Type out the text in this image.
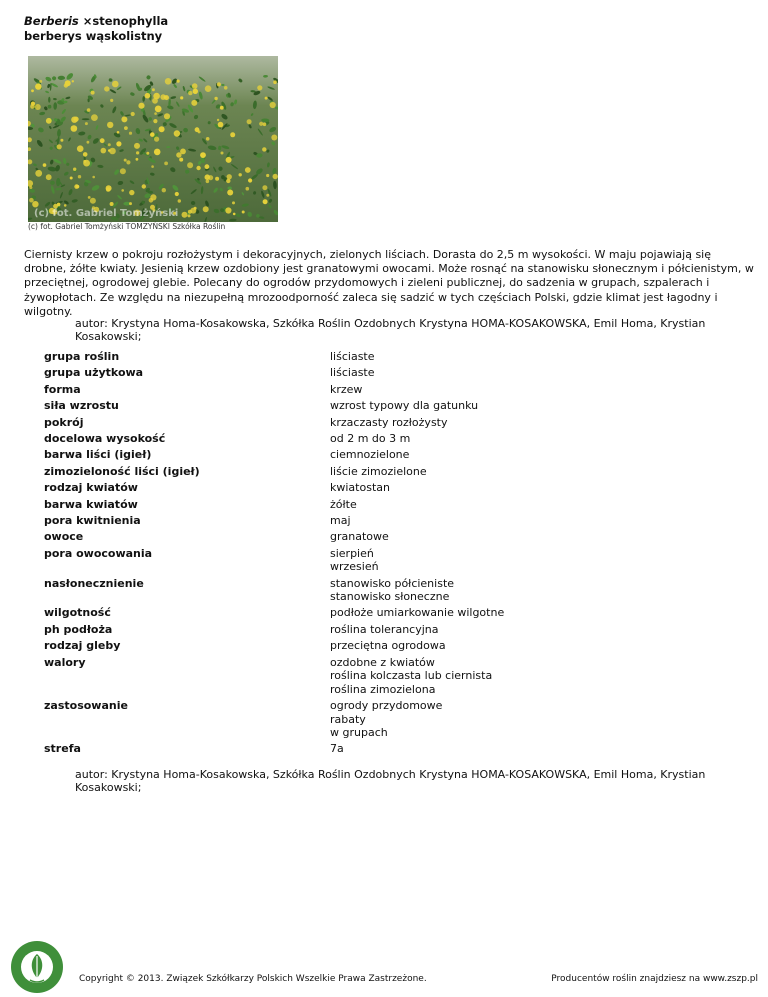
Berberis ×stenophylla
berberys wąskolistny
(c) fot. Gabriel Tomżyński
(c) fot. Gabriel Tomżyński TOMZYŃSKI Szkółka Roślin
Ciernisty krzew o pokroju rozłożystym i dekoracyjnych, zielonych liściach. Dorasta do 2,5 m wysokości. W maju pojawiają się drobne, żółte kwiaty. Jesienią krzew ozdobiony jest granatowymi owocami. Może rosnąć na stanowisku słonecznym i półcienistym, w przeciętnej, ogrodowej glebie. Polecany do ogrodów przydomowych i zieleni publicznej, do sadzenia w grupach, szpalerach i żywopłotach. Ze względu na niezupełną mrozoodporność zaleca się sadzić w tych częściach Polski, gdzie klimat jest łagodny i wilgotny.
autor: Krystyna Homa-Kosakowska, Szkółka Roślin Ozdobnych Krystyna HOMA-KOSAKOWSKA, Emil Homa, Krystian Kosakowski;
grupa roślin	liściaste
grupa użytkowa	liściaste
forma	krzew
siła wzrostu	wzrost typowy dla gatunku
pokrój	krzaczasty rozłożysty
docelowa wysokość	od 2 m do 3 m
barwa liści (igieł)	ciemnozielone
zimozieloność liści (igieł)	liście zimozielone
rodzaj kwiatów	kwiatostan
barwa kwiatów	żółte
pora kwitnienia	maj
owoce	granatowe
pora owocowania	sierpień
wrzesień
nasłonecznienie	stanowisko półcieniste
stanowisko słoneczne
wilgotność	podłoże umiarkowanie wilgotne
ph podłoża	roślina tolerancyjna
rodzaj gleby	przeciętna ogrodowa
walory	ozdobne z kwiatów
roślina kolczasta lub ciernista
roślina zimozielona
zastosowanie	ogrody przydomowe
rabaty
w grupach
strefa	7a
autor: Krystyna Homa-Kosakowska, Szkółka Roślin Ozdobnych Krystyna HOMA-KOSAKOWSKA, Emil Homa, Krystian Kosakowski;
Copyright © 2013. Związek Szkółkarzy Polskich Wszelkie Prawa Zastrzeżone.	Producentów roślin znajdziesz na www.zszp.pl
